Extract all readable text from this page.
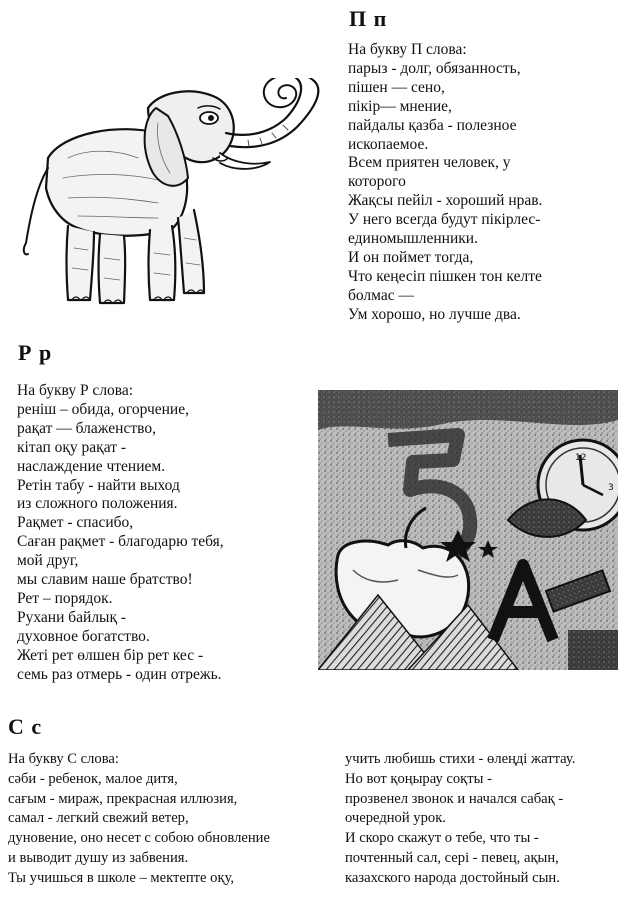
П п
На букву П слова:
парыз - долг, обязанность,
пішен — сено,
пікір— мнение,
пайдалы қазба - полезное
ископаемое.
Всем приятен человек, у
которого
Жақсы пейіл - хороший нрав.
У него всегда будут пікірлес-
единомышленники.
И он поймет тогда,
Что кеңесіп пішкен тон келте
болмас —
Ум хорошо, но лучше два.
Р р
На букву Р слова:
реніш – обида, огорчение,
рақат — блаженство,
кітап оқу рақат -
наслаждение чтением.
Ретін табу - найти выход
из сложного положения.
Рақмет - спасибо,
Саған рақмет - благодарю тебя,
мой друг,
мы славим наше братство!
Рет – порядок.
Рухани байлық -
духовное богатство.
Жеті рет өлшен бір рет кес -
семь раз отмерь - один отрежь.
12
3
С с
На букву С слова:
сәби - ребенок, малое дитя,
сағым - мираж, прекрасная иллюзия,
самал - легкий свежий ветер,
дуновение, оно несет с собою обновление
и выводит душу из забвения.
Ты учишься в школе – мектепте оқу,
учить любишь стихи - өлеңді жаттау.
Но вот қоңырау соқты -
прозвенел звонок и начался сабақ -
очередной урок.
И скоро скажут о тебе, что ты -
почтенный сал, сері - певец, ақын,
казахского народа достойный сын.
